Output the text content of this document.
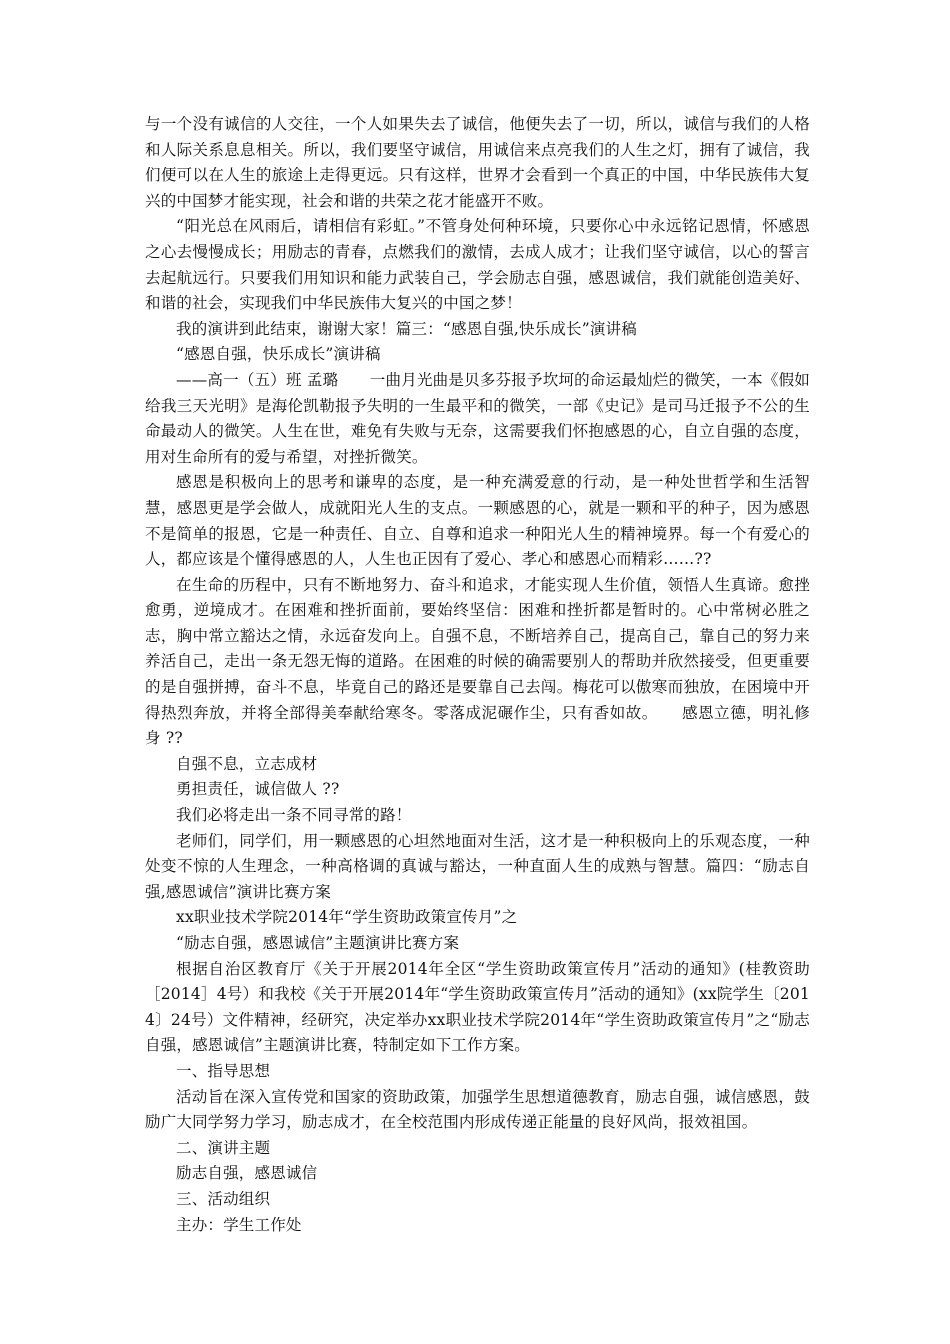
与一个没有诚信的人交往，一个人如果失去了诚信，他便失去了一切，所以，诚信与我们的人格和人际关系息息相关。所以，我们要坚守诚信，用诚信来点亮我们的人生之灯，拥有了诚信，我们便可以在人生的旅途上走得更远。只有这样，世界才会看到一个真正的中国，中华民族伟大复兴的中国梦才能实现，社会和谐的共荣之花才能盛开不败。

“阳光总在风雨后，请相信有彩虹。”不管身处何种环境，只要你心中永远铭记恩情，怀感恩之心去慢慢成长；用励志的青春，点燃我们的激情，去成人成才；让我们坚守诚信，以心的誓言去起航远行。只要我们用知识和能力武装自己，学会励志自强，感恩诚信，我们就能创造美好、和谐的社会，实现我们中华民族伟大复兴的中国之梦！

我的演讲到此结束，谢谢大家！篇三：“感恩自强,快乐成长”演讲稿

“感恩自强，快乐成长”演讲稿

——高一（五）班 孟璐　　一曲月光曲是贝多芬报予坎坷的命运最灿烂的微笑，一本《假如给我三天光明》是海伦凯勒报予失明的一生最平和的微笑，一部《史记》是司马迁报予不公的生命最动人的微笑。人生在世，难免有失败与无奈，这需要我们怀抱感恩的心，自立自强的态度，用对生命所有的爱与希望，对挫折微笑。

感恩是积极向上的思考和谦卑的态度，是一种充满爱意的行动，是一种处世哲学和生活智慧，感恩更是学会做人，成就阳光人生的支点。一颗感恩的心，就是一颗和平的种子，因为感恩不是简单的报恩，它是一种责任、自立、自尊和追求一种阳光人生的精神境界。每一个有爱心的人，都应该是个懂得感恩的人，人生也正因有了爱心、孝心和感恩心而精彩……??

在生命的历程中，只有不断地努力、奋斗和追求，才能实现人生价值，领悟人生真谛。愈挫愈勇，逆境成才。在困难和挫折面前，要始终坚信：困难和挫折都是暂时的。心中常树必胜之志，胸中常立豁达之情，永远奋发向上。自强不息，不断培养自己，提高自己，靠自己的努力来养活自己，走出一条无怨无悔的道路。在困难的时候的确需要别人的帮助并欣然接受，但更重要的是自强拼搏，奋斗不息，毕竟自己的路还是要靠自己去闯。梅花可以傲寒而独放，在困境中开得热烈奔放，并将全部得美奉献给寒冬。零落成泥碾作尘，只有香如故。　　感恩立德，明礼修身 ??

自强不息，立志成材

勇担责任，诚信做人 ??

我们必将走出一条不同寻常的路！

老师们，同学们，用一颗感恩的心坦然地面对生活，这才是一种积极向上的乐观态度，一种处变不惊的人生理念，一种高格调的真诚与豁达，一种直面人生的成熟与智慧。篇四：“励志自强,感恩诚信”演讲比赛方案

xx职业技术学院2014年“学生资助政策宣传月”之

“励志自强，感恩诚信”主题演讲比赛方案

根据自治区教育厅《关于开展2014年全区“学生资助政策宣传月”活动的通知》(桂教资助［2014］4号）和我校《关于开展2014年“学生资助政策宣传月”活动的通知》(xx院学生〔2014〕24号）文件精神，经研究，决定举办xx职业技术学院2014年“学生资助政策宣传月”之“励志自强，感恩诚信”主题演讲比赛，特制定如下工作方案。

一、指导思想

活动旨在深入宣传党和国家的资助政策，加强学生思想道德教育，励志自强，诚信感恩，鼓励广大同学努力学习，励志成才，在全校范围内形成传递正能量的良好风尚，报效祖国。

二、演讲主题

励志自强，感恩诚信

三、活动组织

主办：学生工作处
